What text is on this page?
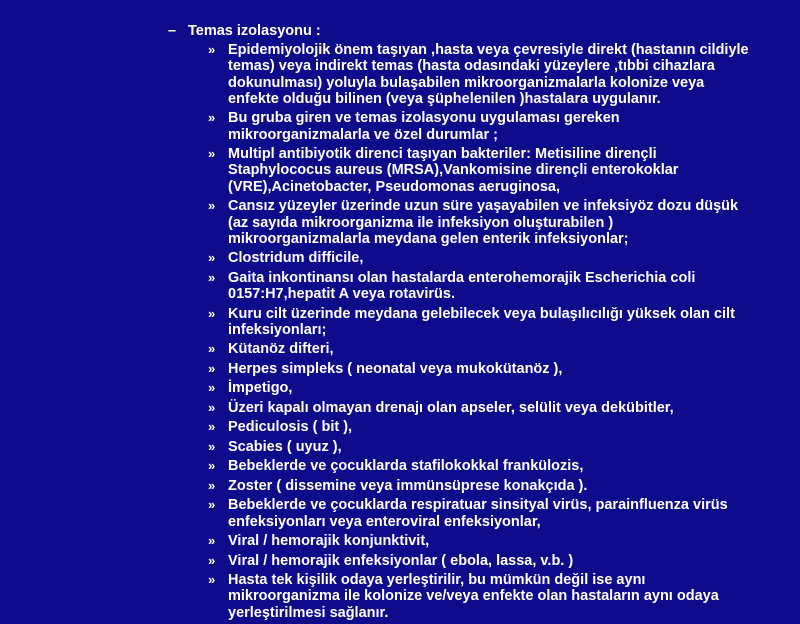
– Temas izolasyonu :
» Epidemiyolojik önem taşıyan ,hasta veya çevresiyle direkt (hastanın cildiyle temas) veya indirekt temas (hasta odasındaki yüzeylere ,tıbbi cihazlara dokunulması) yoluyla bulaşabilen mikroorganizmalarla kolonize veya enfekte olduğu bilinen (veya şüphelenilen )hastalara uygulanır.
» Bu gruba giren ve temas izolasyonu uygulaması gereken mikroorganizmalarla ve özel durumlar ;
» Multipl antibiyotik direnci taşıyan bakteriler: Metisiline dirençli Staphylococus aureus (MRSA),Vankomisine dirençli enterokoklar (VRE),Acinetobacter, Pseudomonas aeruginosa,
» Cansız yüzeyler üzerinde uzun süre yaşayabilen ve infeksiyöz dozu düşük (az sayıda mikroorganizma ile infeksiyon oluşturabilen ) mikroorganizmalarla meydana gelen enterik infeksiyonlar;
» Clostridum difficile,
» Gaita inkontinansı olan hastalarda enterohemorajik Escherichia coli 0157:H7,hepatit A veya rotavirüs.
» Kuru cilt üzerinde meydana gelebilecek veya bulaşılıcılığı yüksek olan cilt infeksiyonları;
» Kütanöz difteri,
» Herpes simpleks ( neonatal veya mukokütanöz ),
» İmpetigo,
» Üzeri kapalı olmayan drenajı olan apseler, selülit veya dekübitler,
» Pediculosis ( bit ),
» Scabies ( uyuz ),
» Bebeklerde ve çocuklarda stafilokokkal frankülozis,
» Zoster ( dissemine veya immünsüprese konakçıda ).
» Bebeklerde ve çocuklarda respiratuar sinsityal virüs, parainfluenza virüs enfeksiyonları veya enteroviral enfeksiyonlar,
» Viral / hemorajik konjunktivit,
» Viral / hemorajik enfeksiyonlar ( ebola, lassa, v.b. )
» Hasta tek kişilik odaya yerleştirilir, bu mümkün değil ise aynı mikroorganizma ile kolonize ve/veya enfekte olan hastaların aynı odaya yerleştirilmesi sağlanır.
